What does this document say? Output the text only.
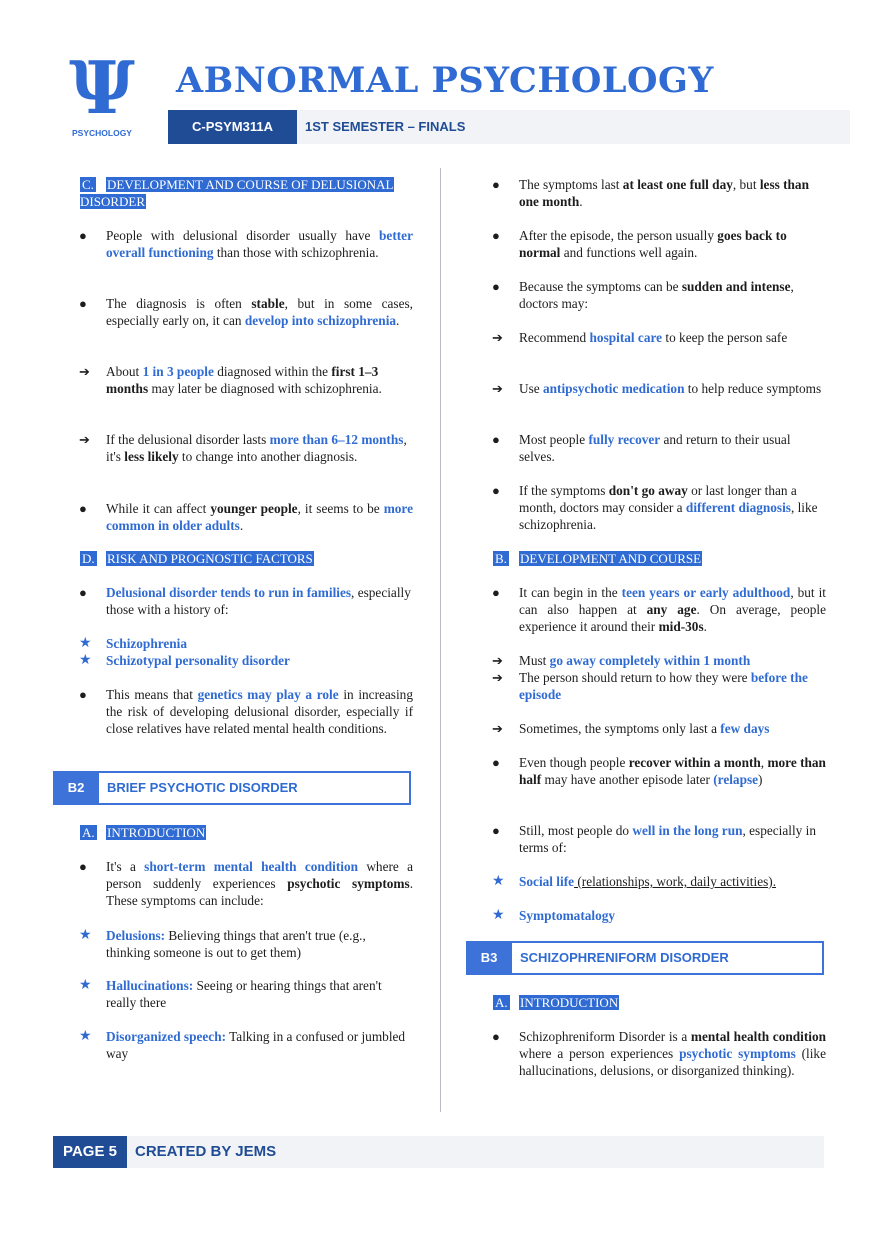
Ψ
PSYCHOLOGY
ABNORMAL PSYCHOLOGY
C-PSYM311A	1ST SEMESTER – FINALS
C. DEVELOPMENT AND COURSE OF DELUSIONAL DISORDER
● People with delusional disorder usually have better overall functioning than those with schizophrenia.
● The diagnosis is often stable, but in some cases, especially early on, it can develop into schizophrenia.
➔ About 1 in 3 people diagnosed within the first 1–3 months may later be diagnosed with schizophrenia.
➔ If the delusional disorder lasts more than 6–12 months, it's less likely to change into another diagnosis.
● While it can affect younger people, it seems to be more common in older adults.
D. RISK AND PROGNOSTIC FACTORS
● Delusional disorder tends to run in families, especially those with a history of:
★ Schizophrenia
★ Schizotypal personality disorder
● This means that genetics may play a role in increasing the risk of developing delusional disorder, especially if close relatives have related mental health conditions.
B2	BRIEF PSYCHOTIC DISORDER
A. INTRODUCTION
● It's a short-term mental health condition where a person suddenly experiences psychotic symptoms. These symptoms can include:
★ Delusions: Believing things that aren't true (e.g., thinking someone is out to get them)
★ Hallucinations: Seeing or hearing things that aren't really there
★ Disorganized speech: Talking in a confused or jumbled way
● The symptoms last at least one full day, but less than one month.
● After the episode, the person usually goes back to normal and functions well again.
● Because the symptoms can be sudden and intense, doctors may:
➔ Recommend hospital care to keep the person safe
➔ Use antipsychotic medication to help reduce symptoms
● Most people fully recover and return to their usual selves.
● If the symptoms don't go away or last longer than a month, doctors may consider a different diagnosis, like schizophrenia.
B. DEVELOPMENT AND COURSE
● It can begin in the teen years or early adulthood, but it can also happen at any age. On average, people experience it around their mid-30s.
➔ Must go away completely within 1 month
➔ The person should return to how they were before the episode
➔ Sometimes, the symptoms only last a few days
● Even though people recover within a month, more than half may have another episode later (relapse)
● Still, most people do well in the long run, especially in terms of:
★ Social life (relationships, work, daily activities).
★ Symptomatalogy
B3	SCHIZOPHRENIFORM DISORDER
A. INTRODUCTION
● Schizophreniform Disorder is a mental health condition where a person experiences psychotic symptoms (like hallucinations, delusions, or disorganized thinking).
PAGE 5	CREATED BY JEMS
